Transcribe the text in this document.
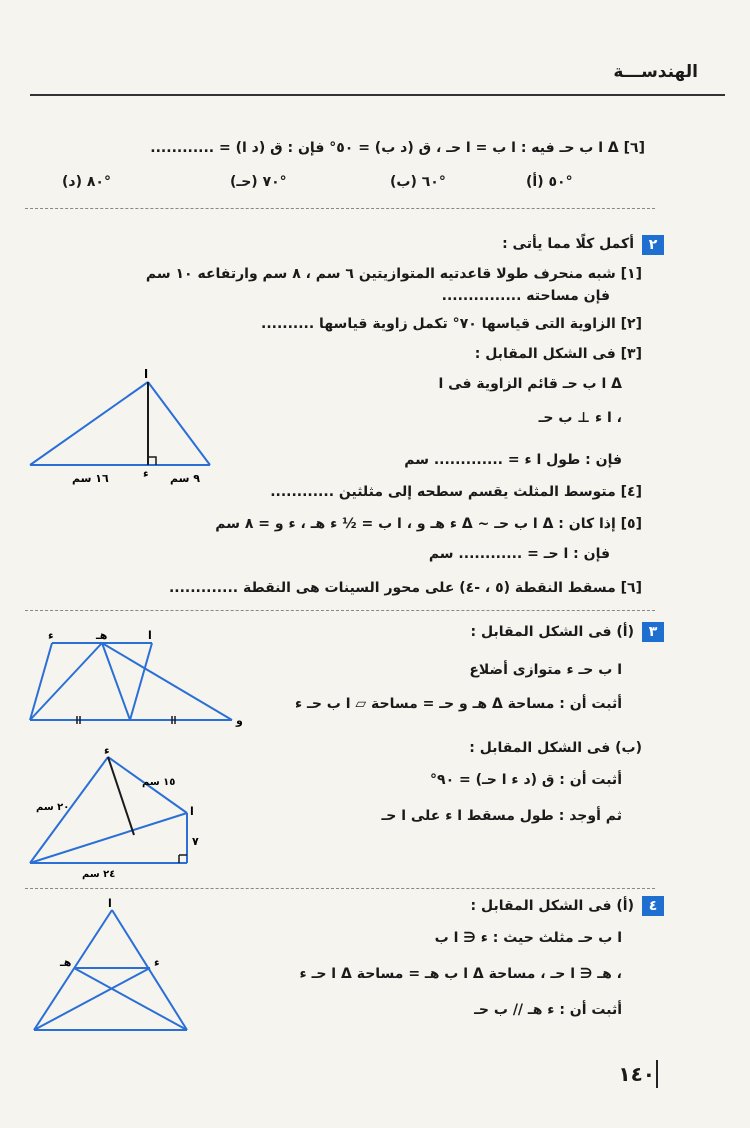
الهندســـة
[٦] Δ ا ب حـ فيه : ا ب = ا حـ ، ق (د ب) = ٥٠° فإن : ق (د ا) = ............
(أ) ٥٠°
(ب) ٦٠°
(حـ) ٧٠°
(د) ٨٠°
٢
أكمل كلًا مما يأتى :
[١] شبه منحرف طولا قاعدتيه المتوازيتين ٦ سم ، ٨ سم وارتفاعه ١٠ سم
فإن مساحته ...............
[٢] الزاوية التى قياسها ٧٠° تكمل زاوية قياسها ..........
[٣] فى الشكل المقابل :
Δ ا ب حـ قائم الزاوية فى ا
، ا ء ⊥ ب حـ
فإن : طول ا ء = ............. سم
ا
ء
١٦ سم	٩ سم
[٤] متوسط المثلث يقسم سطحه إلى مثلثين ............
[٥] إذا كان : Δ ا ب حـ ~ Δ ء هـ و ، ا ب = ½ ء هـ ، ء و = ٨ سم
فإن : ا حـ = ............ سم
[٦] مسقط النقطة (٥ ، -٤) على محور السينات هى النقطة .............
٣
(أ) فى الشكل المقابل :
ا ب حـ ء متوازى أضلاع
أثبت أن : مساحة Δ هـ و حـ = مساحة ▱ ا ب حـ ء
ء	هـ	ا
و
(ب) فى الشكل المقابل :
أثبت أن : ق (د ء ا حـ) = ٩٠°
ثم أوجد : طول مسقط ا ء على ا حـ
ء
ا
١٥ سم
٢٠ سم
٢٤ سم
٧
٤
(أ) فى الشكل المقابل :
ا ب حـ مثلث حيث : ء ∈ ا ب
، هـ ∈ ا حـ ، مساحة Δ ا ب هـ = مساحة Δ ا حـ ء
أثبت أن : ء هـ // ب حـ
ا
هـ	ء
١٤٠
